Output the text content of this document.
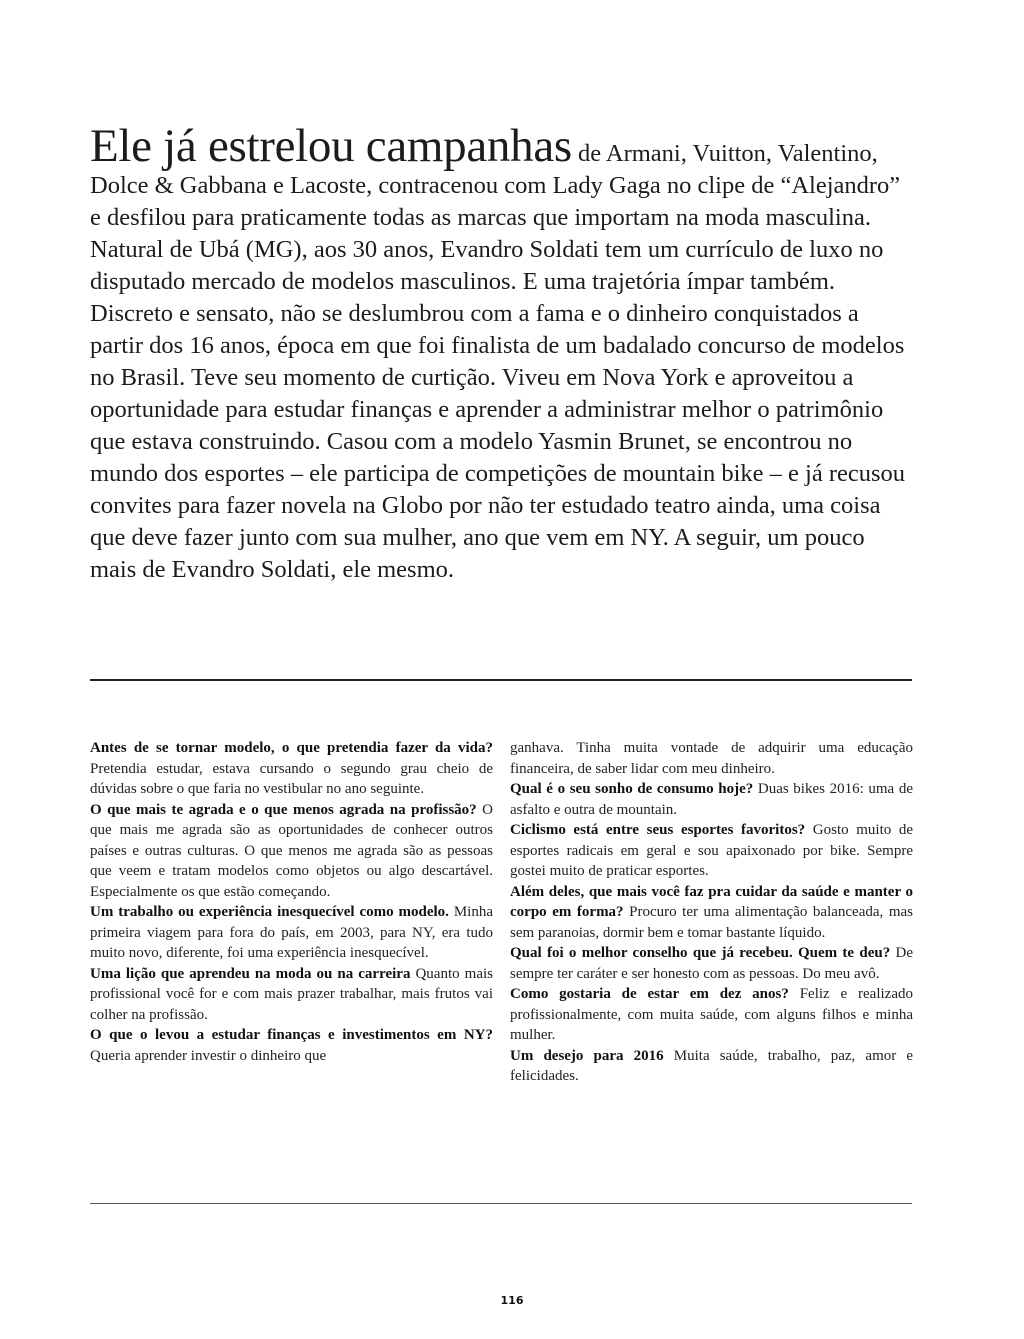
Ele já estrelou campanhas de Armani, Vuitton, Valentino, Dolce & Gabbana e Lacoste, contracenou com Lady Gaga no clipe de “Alejandro” e desfilou para praticamente todas as marcas que importam na moda masculina. Natural de Ubá (MG), aos 30 anos, Evandro Soldati tem um currículo de luxo no disputado mercado de modelos masculinos. E uma trajetória ímpar também. Discreto e sensato, não se deslumbrou com a fama e o dinheiro conquistados a partir dos 16 anos, época em que foi finalista de um badalado concurso de modelos no Brasil. Teve seu momento de curtição. Viveu em Nova York e aproveitou a oportunidade para estudar finanças e aprender a administrar melhor o patrimônio que estava construindo. Casou com a modelo Yasmin Brunet, se encontrou no mundo dos esportes – ele participa de competições de mountain bike – e já recusou convites para fazer novela na Globo por não ter estudado teatro ainda, uma coisa que deve fazer junto com sua mulher, ano que vem em NY. A seguir, um pouco mais de Evandro Soldati, ele mesmo.

Antes de se tornar modelo, o que pretendia fazer da vida? Pretendia estudar, estava cursando o segundo grau cheio de dúvidas sobre o que faria no vestibular no ano seguinte.

O que mais te agrada e o que menos agrada na profissão? O que mais me agrada são as oportunidades de conhecer outros países e outras culturas. O que menos me agrada são as pessoas que veem e tratam modelos como objetos ou algo descartável. Especialmente os que estão começando.

Um trabalho ou experiência inesquecível como modelo. Minha primeira viagem para fora do país, em 2003, para NY, era tudo muito novo, diferente, foi uma experiência inesquecível.

Uma lição que aprendeu na moda ou na carreira Quanto mais profissional você for e com mais prazer trabalhar, mais frutos vai colher na profissão.

O que o levou a estudar finanças e investimentos em NY? Queria aprender investir o dinheiro que

ganhava. Tinha muita vontade de adquirir uma educação financeira, de saber lidar com meu dinheiro.

Qual é o seu sonho de consumo hoje? Duas bikes 2016: uma de asfalto e outra de mountain.

Ciclismo está entre seus esportes favoritos? Gosto muito de esportes radicais em geral e sou apaixonado por bike. Sempre gostei muito de praticar esportes.

Além deles, que mais você faz pra cuidar da saúde e manter o corpo em forma? Procuro ter uma alimentação balanceada, mas sem paranoias, dormir bem e tomar bastante líquido.

Qual foi o melhor conselho que já recebeu. Quem te deu? De sempre ter caráter e ser honesto com as pessoas. Do meu avô.

Como gostaria de estar em dez anos? Feliz e realizado profissionalmente, com muita saúde, com alguns filhos e minha mulher.

Um desejo para 2016 Muita saúde, trabalho, paz, amor e felicidades.

116
